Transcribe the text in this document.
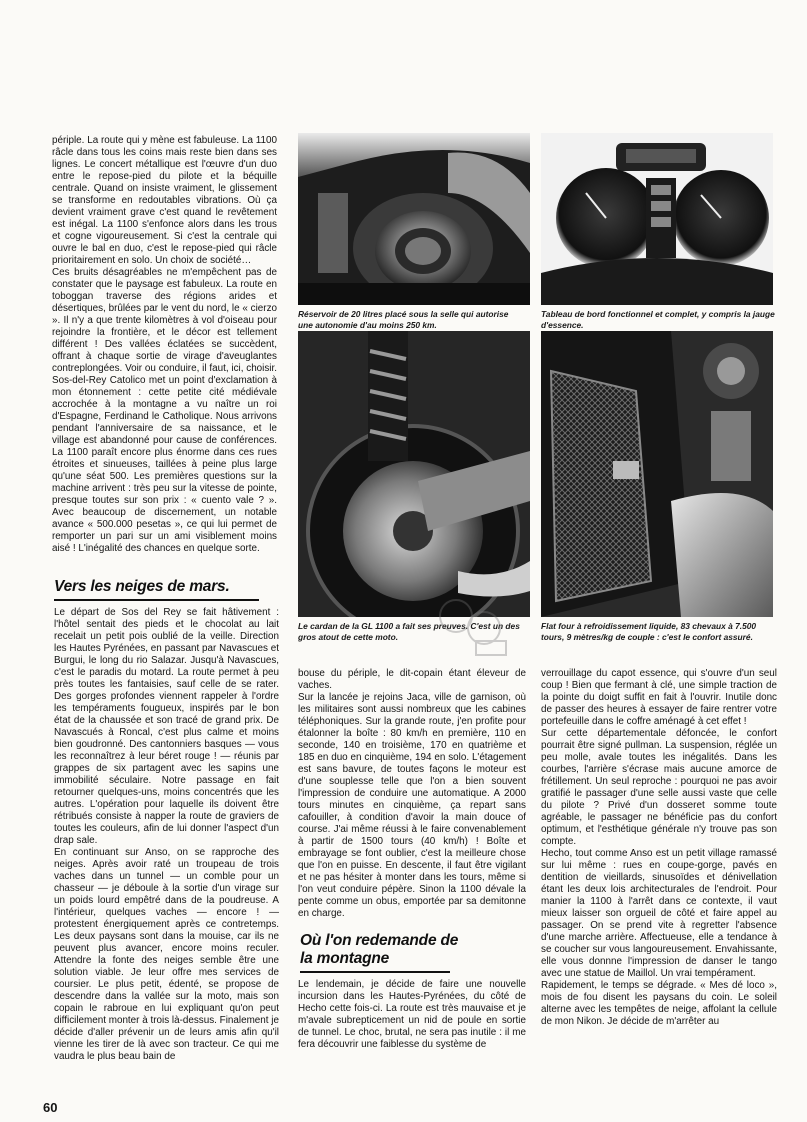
périple. La route qui y mène est fabuleuse. La 1100 râcle dans tous les coins mais reste bien dans ses lignes. Le concert métallique est l'œuvre d'un duo entre le repose-pied du pilote et la béquille centrale. Quand on insiste vraiment, le glissement se transforme en redoutables vibrations. Où ça devient vraiment grave c'est quand le revêtement est inégal. La 1100 s'enfonce alors dans les trous et cogne vigoureusement. Si c'est la centrale qui ouvre le bal en duo, c'est le repose-pied qui râcle prioritairement en solo. Un choix de société…

Ces bruits désagréables ne m'empêchent pas de constater que le paysage est fabuleux. La route en toboggan traverse des régions arides et désertiques, brûlées par le vent du nord, le « cierzo ». Il n'y a que trente kilomètres à vol d'oiseau pour rejoindre la frontière, et le décor est tellement différent ! Des vallées éclatées se succèdent, offrant à chaque sortie de virage d'aveuglantes contreplongées. Voir ou conduire, il faut, ici, choisir. Sos-del-Rey Catolico met un point d'exclamation à mon étonnement : cette petite cité médiévale accrochée à la montagne a vu naître un roi d'Espagne, Ferdinand le Catholique. Nous arrivons pendant l'anniversaire de sa naissance, et le village est abandonné pour cause de conférences. La 1100 paraît encore plus énorme dans ces rues étroites et sinueuses, taillées à peine plus large qu'une séat 500. Les premières questions sur la machine arrivent : très peu sur la vitesse de pointe, presque toutes sur son prix : « cuento vale ? ». Avec beaucoup de discernement, un notable avance « 500.000 pesetas », ce qui lui permet de remporter un pari sur un ami visiblement moins aisé ! L'inégalité des chances en quelque sorte.

Vers les neiges de mars.

Le départ de Sos del Rey se fait hâtivement : l'hôtel sentait des pieds et le chocolat au lait recelait un petit pois oublié de la veille. Direction les Hautes Pyrénées, en passant par Navascues et Burgui, le long du rio Salazar. Jusqu'à Navascues, c'est le paradis du motard. La route permet à peu près toutes les fantaisies, sauf celle de se rater. Des gorges profondes viennent rappeler à l'ordre les tempéraments fougueux, inspirés par le bon état de la chaussée et son tracé de grand prix. De Navascués à Roncal, c'est plus calme et moins bien goudronné. Des cantonniers basques — vous les reconnaîtrez à leur béret rouge ! — réunis par grappes de six partagent avec les sapins une immobilité séculaire. Notre passage en fait retourner quelques-uns, moins concentrés que les autres. L'opération pour laquelle ils doivent être rétribués consiste à napper la route de graviers de toutes les couleurs, afin de lui donner l'aspect d'un drap sale.

En continuant sur Anso, on se rapproche des neiges. Après avoir raté un troupeau de trois vaches dans un tunnel — un comble pour un chasseur — je déboule à la sortie d'un virage sur un poids lourd empêtré dans de la poudreuse. A l'intérieur, quelques vaches — encore ! — protestent énergiquement après ce contretemps. Les deux paysans sont dans la mouise, car ils ne peuvent plus avancer, encore moins reculer. Attendre la fonte des neiges semble être une solution viable. Je leur offre mes services de coursier. Le plus petit, édenté, se propose de descendre dans la vallée sur la moto, mais son copain le rabroue en lui expliquant qu'on peut difficilement monter à trois là-dessus. Finalement je décide d'aller prévenir un de leurs amis afin qu'il vienne les tirer de là avec son tracteur. Ce qui me vaudra le plus beau bain de

Réservoir de 20 litres placé sous la selle qui autorise une autonomie d'au moins 250 km.
Tableau de bord fonctionnel et complet, y compris la jauge d'essence.
Le cardan de la GL 1100 a fait ses preuves. C'est un des gros atout de cette moto.
Flat four à refroidissement liquide, 83 chevaux à 7.500 tours, 9 mètres/kg de couple : c'est le confort assuré.

bouse du périple, le dit-copain étant éleveur de vaches.

Sur la lancée je rejoins Jaca, ville de garnison, où les militaires sont aussi nombreux que les cabines téléphoniques. Sur la grande route, j'en profite pour étalonner la boîte : 80 km/h en première, 110 en seconde, 140 en troisième, 170 en quatrième et 185 en duo en cinquième, 194 en solo. L'étagement est sans bavure, de toutes façons le moteur est d'une souplesse telle que l'on a bien souvent l'impression de conduire une automatique. A 2000 tours minutes en cinquième, ça repart sans cafouiller, à condition d'avoir la main douce of course. J'ai même réussi à le faire convenablement à partir de 1500 tours (40 km/h) ! Boîte et embrayage se font oublier, c'est la meilleure chose que l'on en puisse. En descente, il faut être vigilant et ne pas hésiter à monter dans les tours, même si l'on veut conduire pépère. Sinon la 1100 dévale la pente comme un obus, emportée par sa demitonne en charge.

Où l'on redemande de
la montagne

Le lendemain, je décide de faire une nouvelle incursion dans les Hautes-Pyrénées, du côté de Hecho cette fois-ci. La route est très mauvaise et je m'avale subrepticement un nid de poule en sortie de tunnel. Le choc, brutal, ne sera pas inutile : il me fera découvrir une faiblesse du système de

verrouillage du capot essence, qui s'ouvre d'un seul coup ! Bien que fermant à clé, une simple traction de la pointe du doigt suffit en fait à l'ouvrir. Inutile donc de passer des heures à essayer de faire rentrer votre portefeuille dans le coffre aménagé à cet effet !

Sur cette départementale défoncée, le confort pourrait être signé pullman. La suspension, réglée un peu molle, avale toutes les inégalités. Dans les courbes, l'arrière s'écrase mais aucune amorce de frétillement. Un seul reproche : pourquoi ne pas avoir gratifié le passager d'une selle aussi vaste que celle du pilote ? Privé d'un dosseret somme toute agréable, le passager ne bénéficie pas du confort optimum, et l'esthétique générale n'y trouve pas son compte.

Hecho, tout comme Anso est un petit village ramassé sur lui même : rues en coupe-gorge, pavés en dentition de vieillards, sinusoïdes et dénivellation étant les deux lois architecturales de l'endroit. Pour manier la 1100 à l'arrêt dans ce contexte, il vaut mieux laisser son orgueil de côté et faire appel au passager. On se prend vite à regretter l'absence d'une marche arrière. Affectueuse, elle a tendance à se coucher sur vous langoureusement. Envahissante, elle vous donnne l'impression de danser le tango avec une statue de Maillol. Un vrai tempérament.

Rapidement, le temps se dégrade. « Mes dé loco », mois de fou disent les paysans du coin. Le soleil alterne avec les tempêtes de neige, affolant la cellule de mon Nikon. Je décide de m'arrêter au

60
